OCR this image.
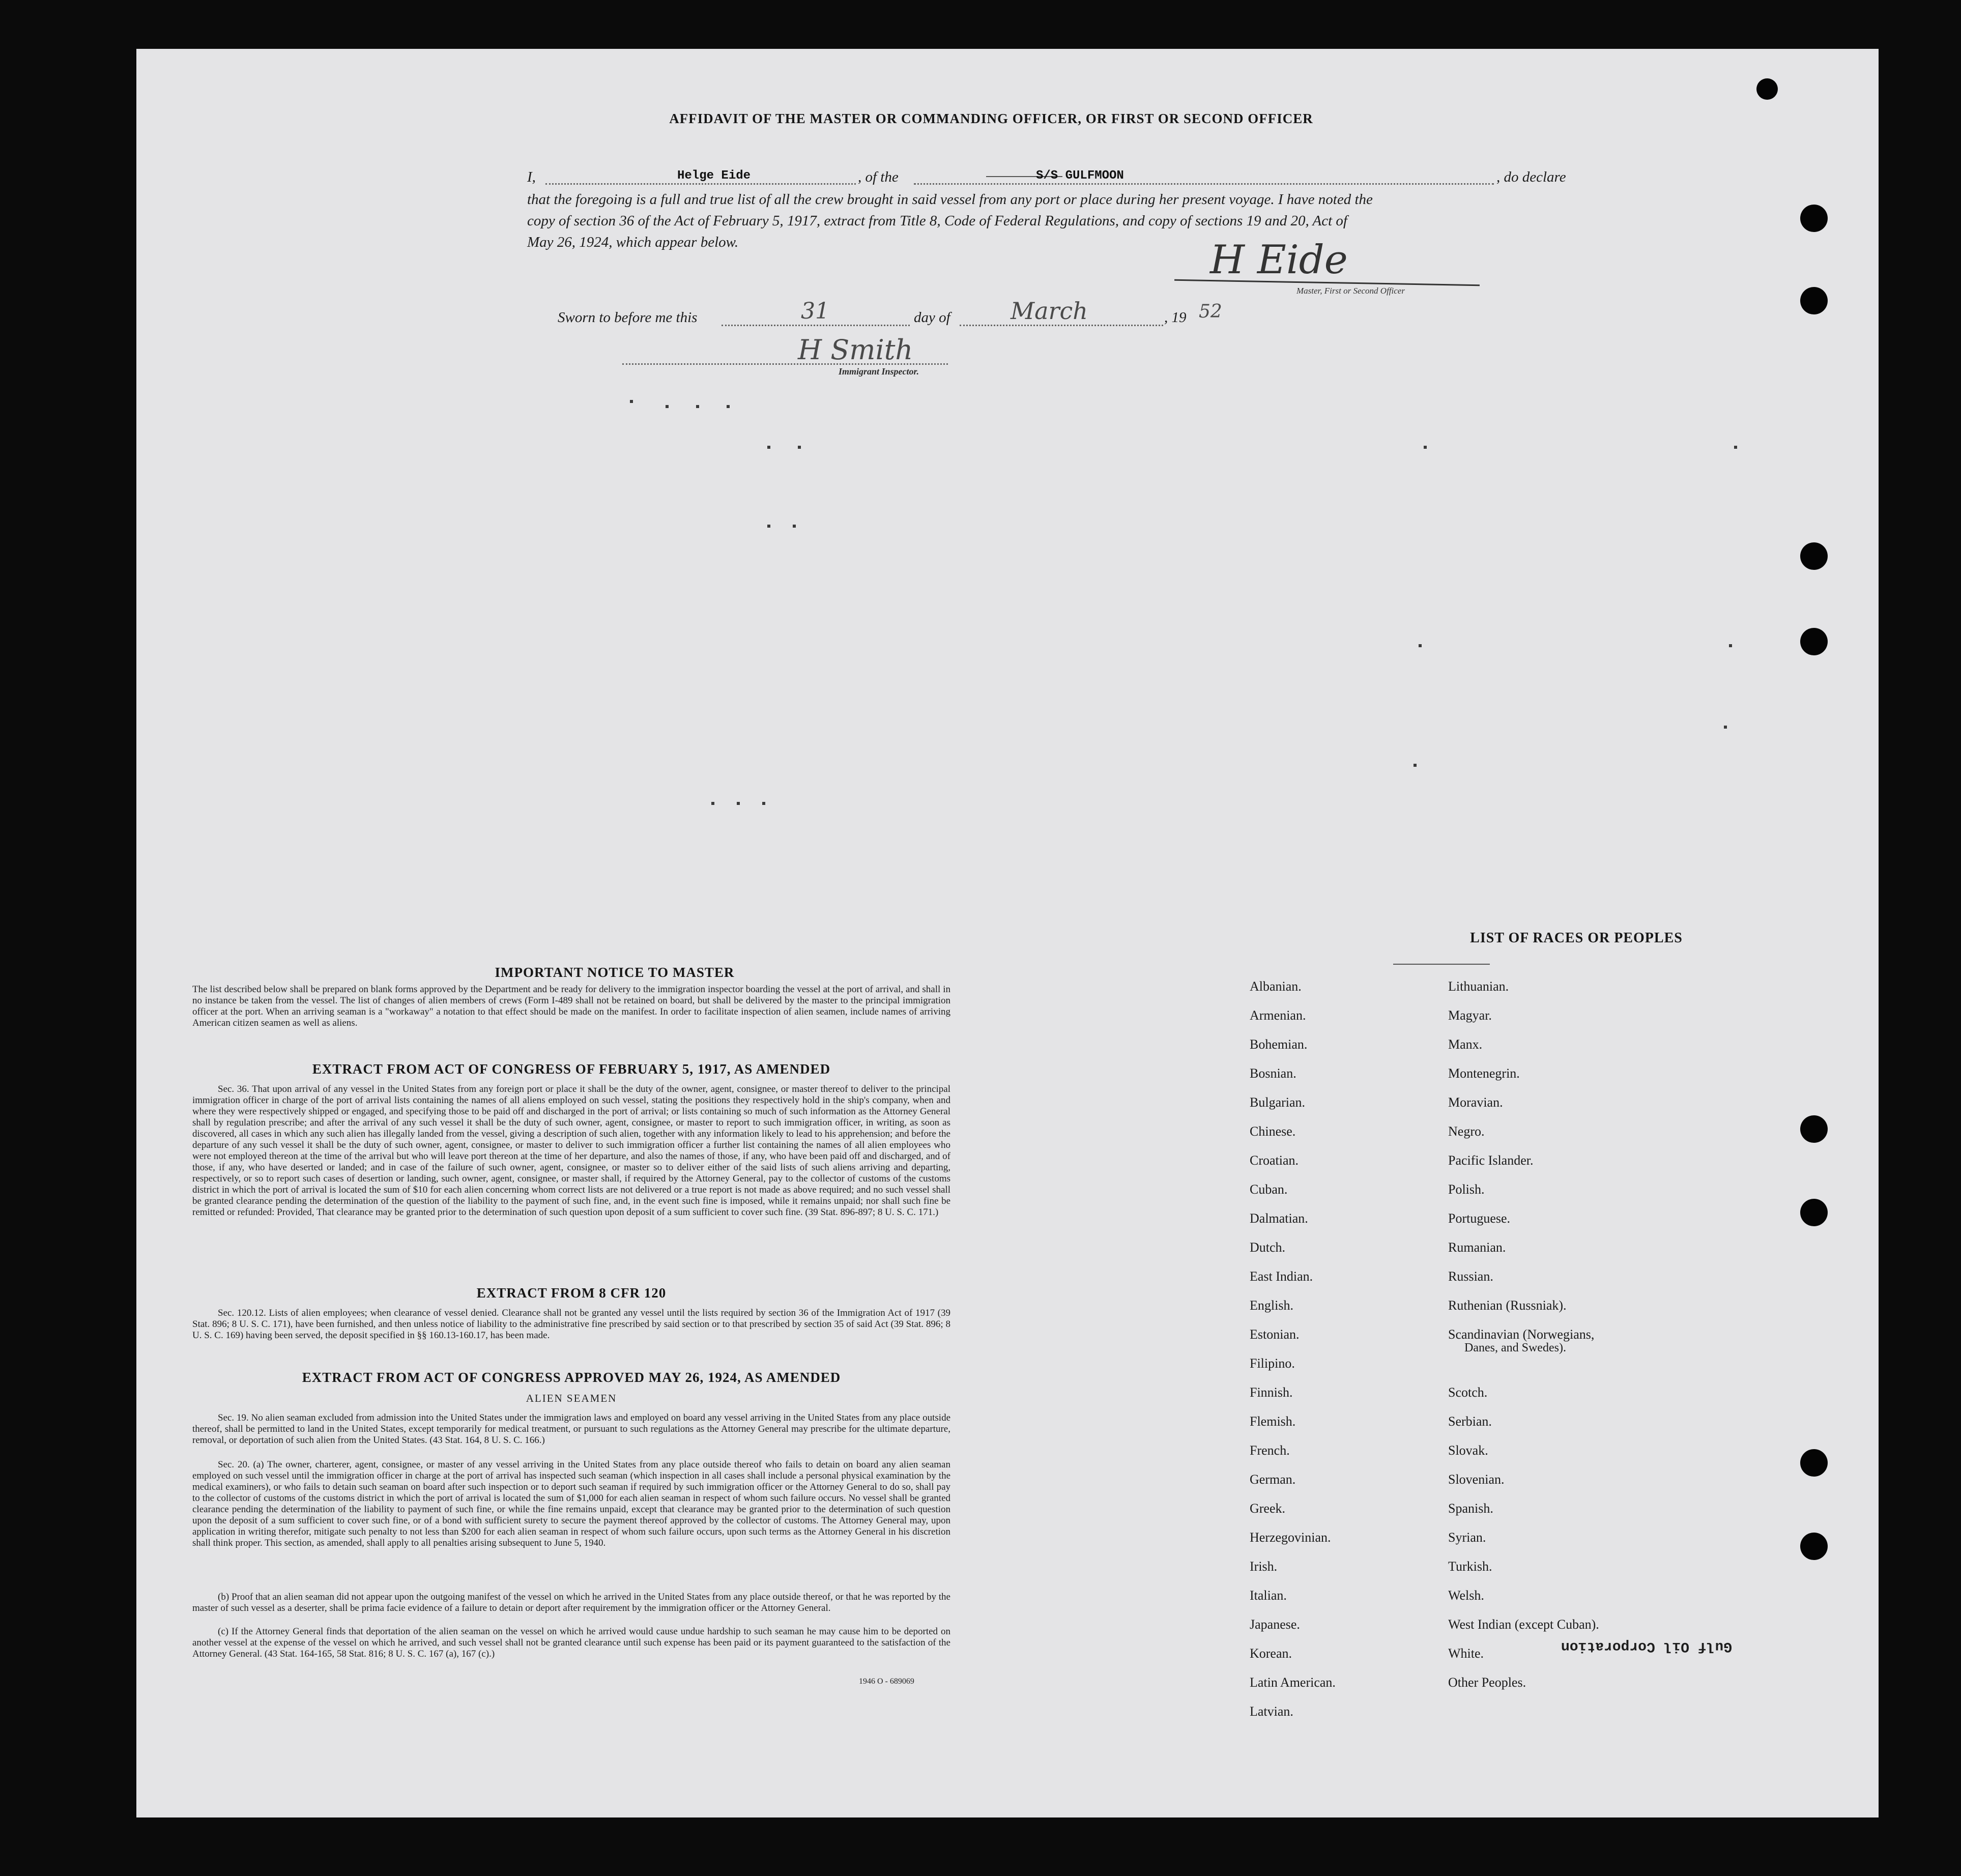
AFFIDAVIT OF THE MASTER OR COMMANDING OFFICER, OR FIRST OR SECOND OFFICER
I,	Helge Eide	, of the	S/S GULFMOON	, do declare
that the foregoing is a full and true list of all the crew brought in said vessel from any port or place during her present voyage. I have noted the
copy of section 36 of the Act of February 5, 1917, extract from Title 8, Code of Federal Regulations, and copy of sections 19 and 20, Act of
May 26, 1924, which appear below.	H Eide
Master, First or Second Officer
Sworn to before me this	31	day of	March	, 19 52
H Smith
Immigrant Inspector.
IMPORTANT NOTICE TO MASTER

The list described below shall be prepared on blank forms approved by the Department and be ready for delivery to the immigration inspector boarding the vessel at the port of arrival, and shall in no instance be taken from the vessel. The list of changes of alien members of crews (Form I-489 shall not be retained on board, but shall be delivered by the master to the principal immigration officer at the port. When an arriving seaman is a "workaway" a notation to that effect should be made on the manifest. In order to facilitate inspection of alien seamen, include names of arriving American citizen seamen as well as aliens.

EXTRACT FROM ACT OF CONGRESS OF FEBRUARY 5, 1917, AS AMENDED

Sec. 36. That upon arrival of any vessel in the United States from any foreign port or place it shall be the duty of the owner, agent, consignee, or master thereof to deliver to the principal immigration officer in charge of the port of arrival lists containing the names of all aliens employed on such vessel, stating the positions they respectively hold in the ship's company, when and where they were respectively shipped or engaged, and specifying those to be paid off and discharged in the port of arrival; or lists containing so much of such information as the Attorney General shall by regulation prescribe; and after the arrival of any such vessel it shall be the duty of such owner, agent, consignee, or master to report to such immigration officer, in writing, as soon as discovered, all cases in which any such alien has illegally landed from the vessel, giving a description of such alien, together with any information likely to lead to his apprehension; and before the departure of any such vessel it shall be the duty of such owner, agent, consignee, or master to deliver to such immigration officer a further list containing the names of all alien employees who were not employed thereon at the time of the arrival but who will leave port thereon at the time of her departure, and also the names of those, if any, who have been paid off and discharged, and of those, if any, who have deserted or landed; and in case of the failure of such owner, agent, consignee, or master so to deliver either of the said lists of such aliens arriving and departing, respectively, or so to report such cases of desertion or landing, such owner, agent, consignee, or master shall, if required by the Attorney General, pay to the collector of customs of the customs district in which the port of arrival is located the sum of $10 for each alien concerning whom correct lists are not delivered or a true report is not made as above required; and no such vessel shall be granted clearance pending the determination of the question of the liability to the payment of such fine, and, in the event such fine is imposed, while it remains unpaid; nor shall such fine be remitted or refunded: Provided, That clearance may be granted prior to the determination of such question upon deposit of a sum sufficient to cover such fine. (39 Stat. 896-897; 8 U. S. C. 171.)

EXTRACT FROM 8 CFR 120

Sec. 120.12. Lists of alien employees; when clearance of vessel denied. Clearance shall not be granted any vessel until the lists required by section 36 of the Immigration Act of 1917 (39 Stat. 896; 8 U. S. C. 171), have been furnished, and then unless notice of liability to the administrative fine prescribed by said section or to that prescribed by section 35 of said Act (39 Stat. 896; 8 U. S. C. 169) having been served, the deposit specified in §§ 160.13-160.17, has been made.

EXTRACT FROM ACT OF CONGRESS APPROVED MAY 26, 1924, AS AMENDED
ALIEN SEAMEN

Sec. 19. No alien seaman excluded from admission into the United States under the immigration laws and employed on board any vessel arriving in the United States from any place outside thereof, shall be permitted to land in the United States, except temporarily for medical treatment, or pursuant to such regulations as the Attorney General may prescribe for the ultimate departure, removal, or deportation of such alien from the United States. (43 Stat. 164, 8 U. S. C. 166.)

Sec. 20. (a) The owner, charterer, agent, consignee, or master of any vessel arriving in the United States from any place outside thereof who fails to detain on board any alien seaman employed on such vessel until the immigration officer in charge at the port of arrival has inspected such seaman (which inspection in all cases shall include a personal physical examination by the medical examiners), or who fails to detain such seaman on board after such inspection or to deport such seaman if required by such immigration officer or the Attorney General to do so, shall pay to the collector of customs of the customs district in which the port of arrival is located the sum of $1,000 for each alien seaman in respect of whom such failure occurs. No vessel shall be granted clearance pending the determination of the liability to payment of such fine, or while the fine remains unpaid, except that clearance may be granted prior to the determination of such question upon the deposit of a sum sufficient to cover such fine, or of a bond with sufficient surety to secure the payment thereof approved by the collector of customs. The Attorney General may, upon application in writing therefor, mitigate such penalty to not less than $200 for each alien seaman in respect of whom such failure occurs, upon such terms as the Attorney General in his discretion shall think proper. This section, as amended, shall apply to all penalties arising subsequent to June 5, 1940.

(b) Proof that an alien seaman did not appear upon the outgoing manifest of the vessel on which he arrived in the United States from any place outside thereof, or that he was reported by the master of such vessel as a deserter, shall be prima facie evidence of a failure to detain or deport after requirement by the immigration officer or the Attorney General.

(c) If the Attorney General finds that deportation of the alien seaman on the vessel on which he arrived would cause undue hardship to such seaman he may cause him to be deported on another vessel at the expense of the vessel on which he arrived, and such vessel shall not be granted clearance until such expense has been paid or its payment guaranteed to the satisfaction of the Attorney General. (43 Stat. 164-165, 58 Stat. 816; 8 U. S. C. 167 (a), 167 (c).)

1946 O - 689069
LIST OF RACES OR PEOPLES
Albanian.
Armenian.
Bohemian.
Bosnian.
Bulgarian.
Chinese.
Croatian.
Cuban.
Dalmatian.
Dutch.
East Indian.
English.
Estonian.
Filipino.
Finnish.
Flemish.
French.
German.
Greek.
Herzegovinian.
Irish.
Italian.
Japanese.
Korean.
Latin American.
Latvian.
Lithuanian.
Magyar.
Manx.
Montenegrin.
Moravian.
Negro.
Pacific Islander.
Polish.
Portuguese.
Rumanian.
Russian.
Ruthenian (Russniak).
Scandinavian (Norwegians,
Danes, and Swedes).
Scotch.
Serbian.
Slovak.
Slovenian.
Spanish.
Syrian.
Turkish.
Welsh.
West Indian (except Cuban).
White.
Other Peoples.
Gulf Oil Corporation
